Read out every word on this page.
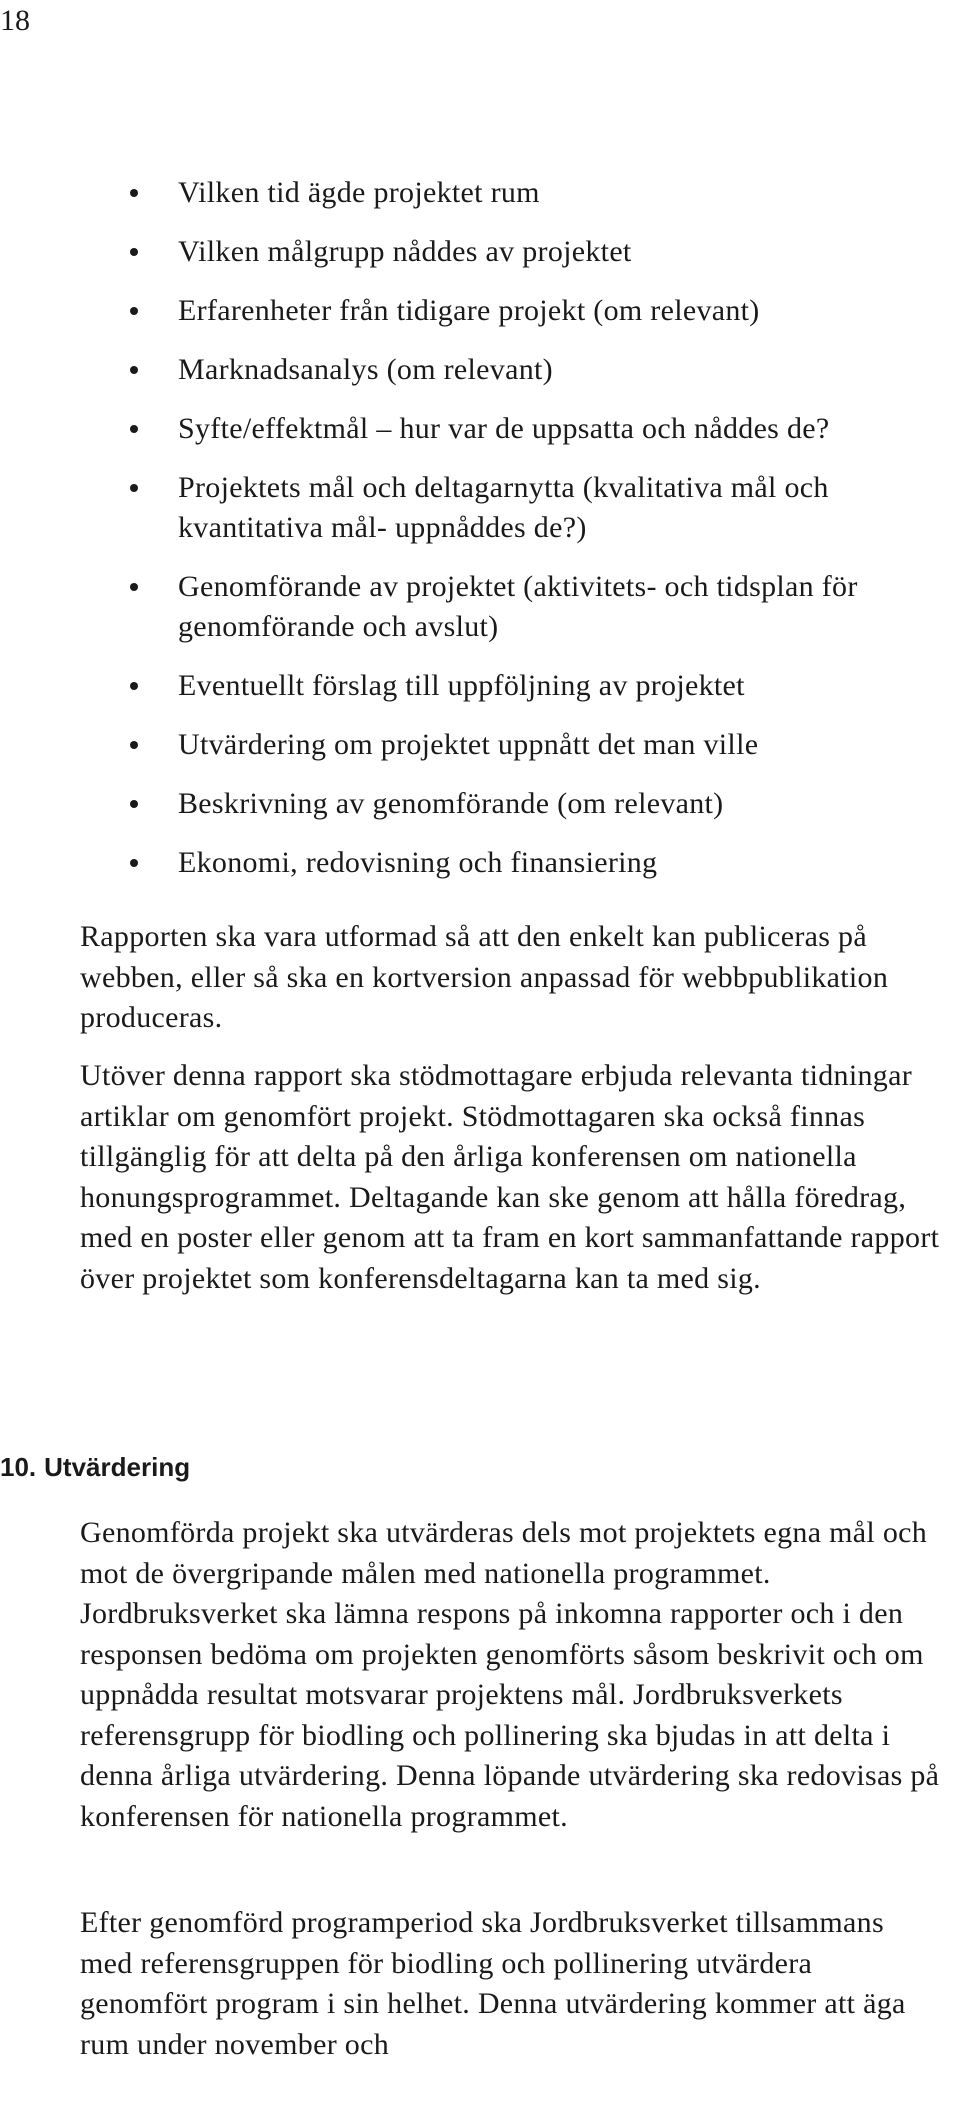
18
Vilken tid ägde projektet rum
Vilken målgrupp nåddes av projektet
Erfarenheter från tidigare projekt (om relevant)
Marknadsanalys (om relevant)
Syfte/effektmål – hur var de uppsatta och nåddes de?
Projektets mål och deltagarnytta (kvalitativa mål och kvantitativa mål- uppnåddes de?)
Genomförande av projektet (aktivitets- och tidsplan för genomförande och avslut)
Eventuellt förslag till uppföljning av projektet
Utvärdering om projektet uppnått det man ville
Beskrivning av genomförande (om relevant)
Ekonomi, redovisning och finansiering

Rapporten ska vara utformad så att den enkelt kan publiceras på webben, eller så ska en kortversion anpassad för webbpublikation produceras.

Utöver denna rapport ska stödmottagare erbjuda relevanta tidningar artiklar om genomfört projekt. Stödmottagaren ska också finnas tillgänglig för att delta på den årliga konferensen om nationella honungsprogrammet. Deltagande kan ske genom att hålla föredrag, med en poster eller genom att ta fram en kort sammanfattande rapport över projektet som konferensdeltagarna kan ta med sig.

10. Utvärdering

Genomförda projekt ska utvärderas dels mot projektets egna mål och mot de övergripande målen med nationella programmet. Jordbruksverket ska lämna respons på inkomna rapporter och i den responsen bedöma om projekten genomförts såsom beskrivit och om uppnådda resultat motsvarar projektens mål. Jordbruksverkets referensgrupp för biodling och pollinering ska bjudas in att delta i denna årliga utvärdering. Denna löpande utvärdering ska redovisas på konferensen för nationella programmet.

Efter genomförd programperiod ska Jordbruksverket tillsammans med referensgruppen för biodling och pollinering utvärdera genomfört program i sin helhet. Denna utvärdering kommer att äga rum under november och
